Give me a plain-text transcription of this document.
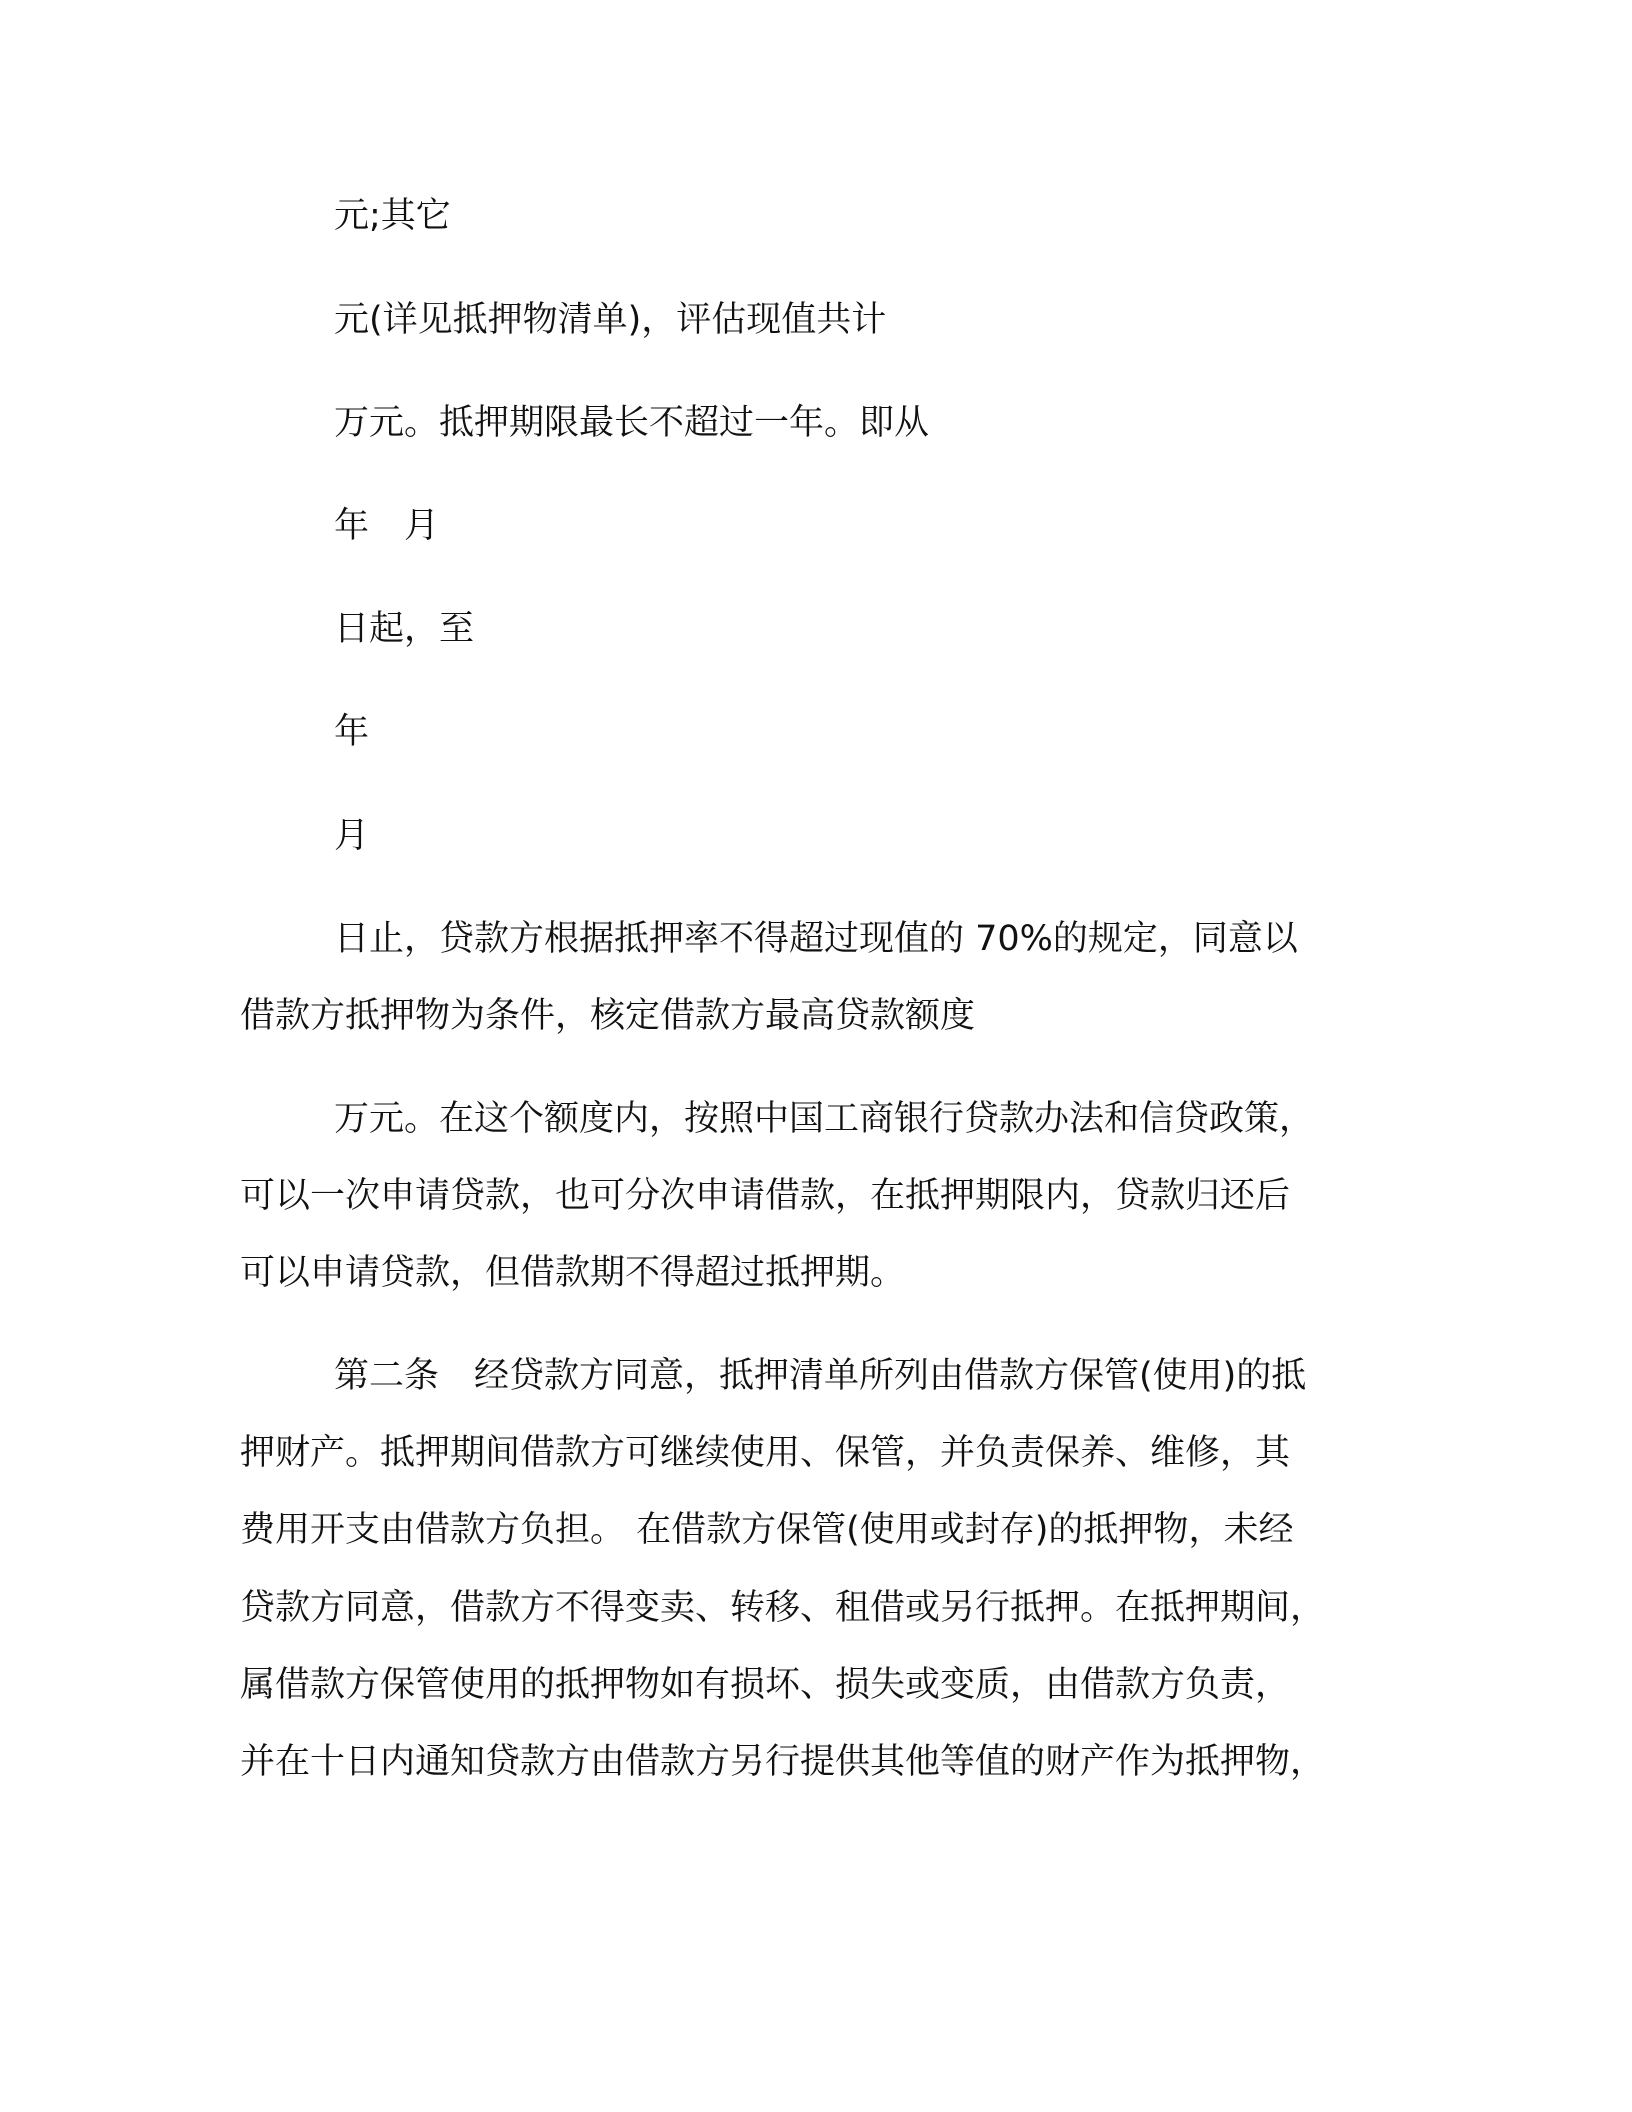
元;其它
元(详见抵押物清单)，评估现值共计
万元。抵押期限最长不超过一年。即从
年　月
日起，至
年
月
日止，贷款方根据抵押率不得超过现值的 70%的规定，同意以
借款方抵押物为条件，核定借款方最高贷款额度
万元。在这个额度内，按照中国工商银行贷款办法和信贷政策，
可以一次申请贷款，也可分次申请借款，在抵押期限内，贷款归还后
可以申请贷款，但借款期不得超过抵押期。
第二条　经贷款方同意，抵押清单所列由借款方保管(使用)的抵
押财产。抵押期间借款方可继续使用、保管，并负责保养、维修，其
费用开支由借款方负担。 在借款方保管(使用或封存)的抵押物，未经
贷款方同意，借款方不得变卖、转移、租借或另行抵押。在抵押期间，
属借款方保管使用的抵押物如有损坏、损失或变质，由借款方负责，
并在十日内通知贷款方由借款方另行提供其他等值的财产作为抵押物，
